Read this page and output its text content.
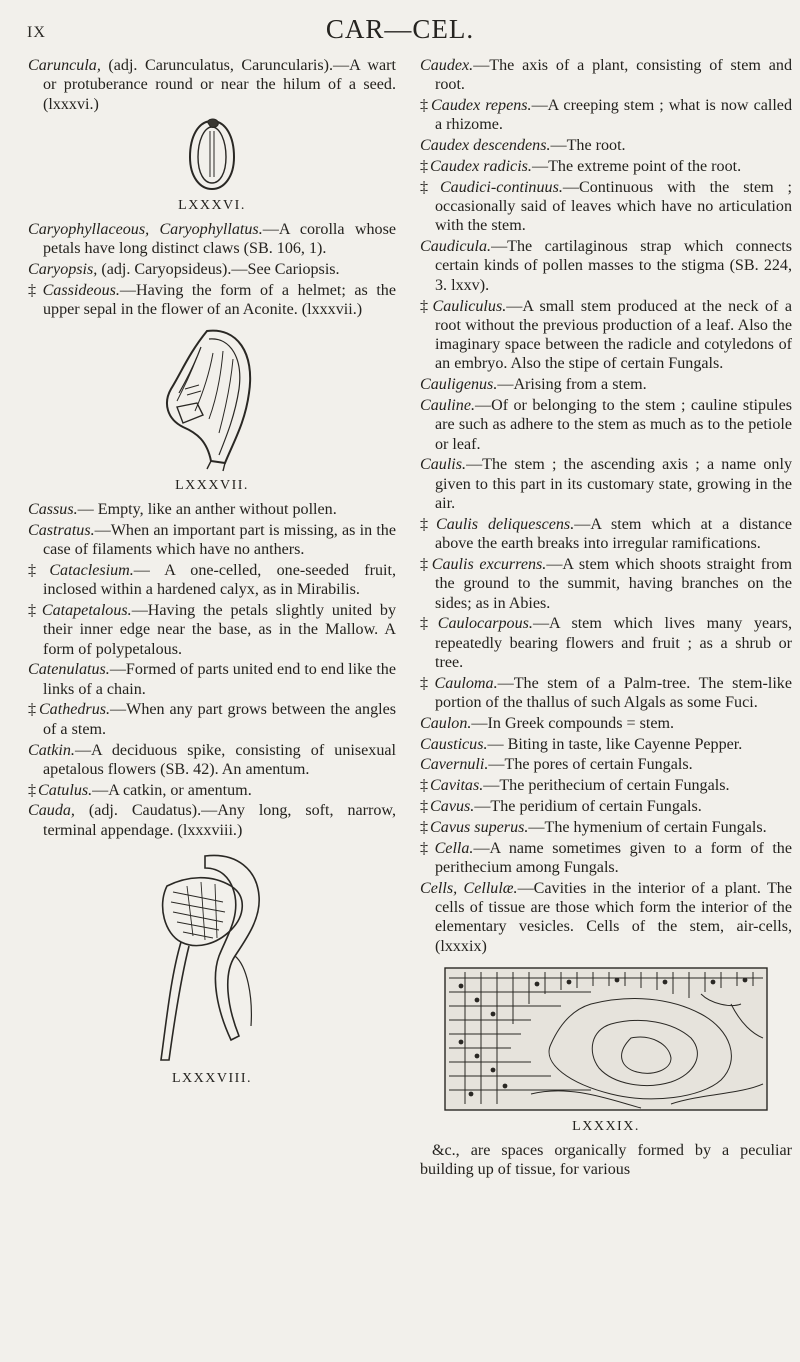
IX	CAR—CEL.

Caruncula, (adj. Carunculatus, Caruncularis).—A wart or protuberance round or near the hilum of a seed. (lxxxvi.)

LXXXVI.

Caryophyllaceous, Caryophyllatus.—A corolla whose petals have long distinct claws (SB. 106, 1).

Caryopsis, (adj. Caryopsideus).—See Cariopsis.

‡ Cassideous.—Having the form of a helmet; as the upper sepal in the flower of an Aconite. (lxxxvii.)

LXXXVII.

Cassus.— Empty, like an anther without pollen.

Castratus.—When an important part is missing, as in the case of filaments which have no anthers.

‡ Cataclesium.— A one-celled, one-seeded fruit, inclosed within a hardened calyx, as in Mirabilis.

‡ Catapetalous.—Having the petals slightly united by their inner edge near the base, as in the Mallow. A form of polypetalous.

Catenulatus.—Formed of parts united end to end like the links of a chain.

‡ Cathedrus.—When any part grows between the angles of a stem.

Catkin.—A deciduous spike, consisting of unisexual apetalous flowers (SB. 42). An amentum.

‡ Catulus.—A catkin, or amentum.

Cauda, (adj. Caudatus).—Any long, soft, narrow, terminal appendage. (lxxxviii.)

LXXXVIII.

Caudex.—The axis of a plant, consisting of stem and root.

‡ Caudex repens.—A creeping stem ; what is now called a rhizome.

Caudex descendens.—The root.

‡ Caudex radicis.—The extreme point of the root.

‡ Caudici-continuus.—Continuous with the stem ; occasionally said of leaves which have no articulation with the stem.

Caudicula.—The cartilaginous strap which connects certain kinds of pollen masses to the stigma (SB. 224, 3. lxxv).

‡ Cauliculus.—A small stem produced at the neck of a root without the previous production of a leaf. Also the imaginary space between the radicle and cotyledons of an embryo. Also the stipe of certain Fungals.

Cauligenus.—Arising from a stem.

Cauline.—Of or belonging to the stem ; cauline stipules are such as adhere to the stem as much as to the petiole or leaf.

Caulis.—The stem ; the ascending axis ; a name only given to this part in its customary state, growing in the air.

‡ Caulis deliquescens.—A stem which at a distance above the earth breaks into irregular ramifications.

‡ Caulis excurrens.—A stem which shoots straight from the ground to the summit, having branches on the sides; as in Abies.

‡ Caulocarpous.—A stem which lives many years, repeatedly bearing flowers and fruit ; as a shrub or tree.

‡ Cauloma.—The stem of a Palm-tree. The stem-like portion of the thallus of such Algals as some Fuci.

Caulon.—In Greek compounds = stem.

Causticus.— Biting in taste, like Cayenne Pepper.

Cavernuli.—The pores of certain Fungals.

‡ Cavitas.—The perithecium of certain Fungals.

‡ Cavus.—The peridium of certain Fungals.

‡ Cavus superus.—The hymenium of certain Fungals.

‡ Cella.—A name sometimes given to a form of the perithecium among Fungals.

Cells, Cellulæ.—Cavities in the interior of a plant. The cells of tissue are those which form the interior of the elementary vesicles. Cells of the stem, air-cells, (lxxxix)

LXXXIX.

&c., are spaces organically formed by a peculiar building up of tissue, for various
